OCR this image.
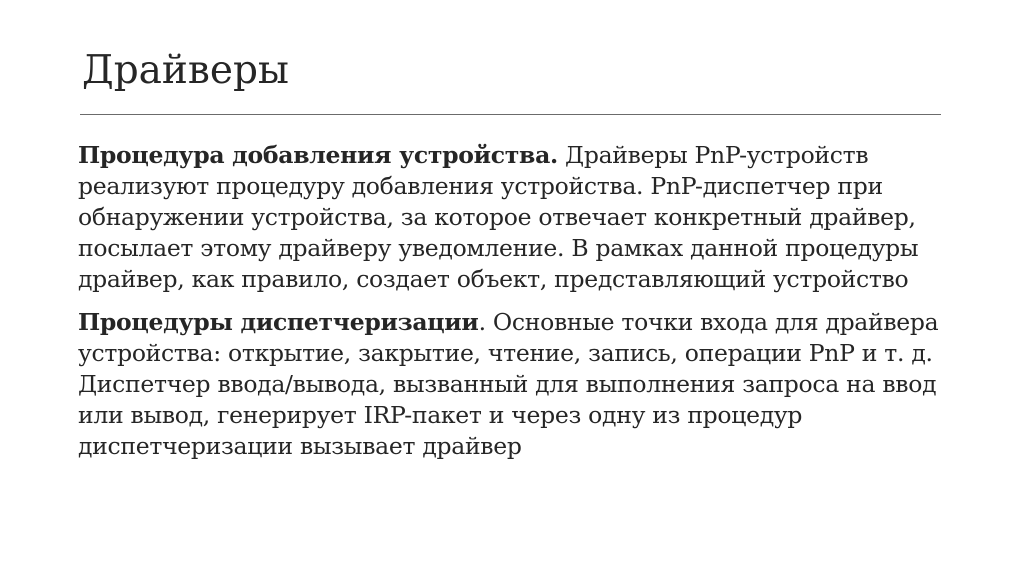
Драйверы

Процедура добавления устройства. Драйверы PnP-устройств реализуют процедуру добавления устройства. PnP-диспетчер при обнаружении устройства, за которое отвечает конкретный драйвер, посылает этому драйверу уведомление. В рамках данной процедуры драйвер, как правило, создает объект, представляющий устройство

Процедуры диспетчеризации. Основные точки входа для драйвера устройства: открытие, закрытие, чтение, запись, операции PnP и т. д. Диспетчер ввода/вывода, вызванный для выполнения запроса на ввод или вывод, генерирует IRP-пакет и через одну из процедур диспетчеризации вызывает драйвер
